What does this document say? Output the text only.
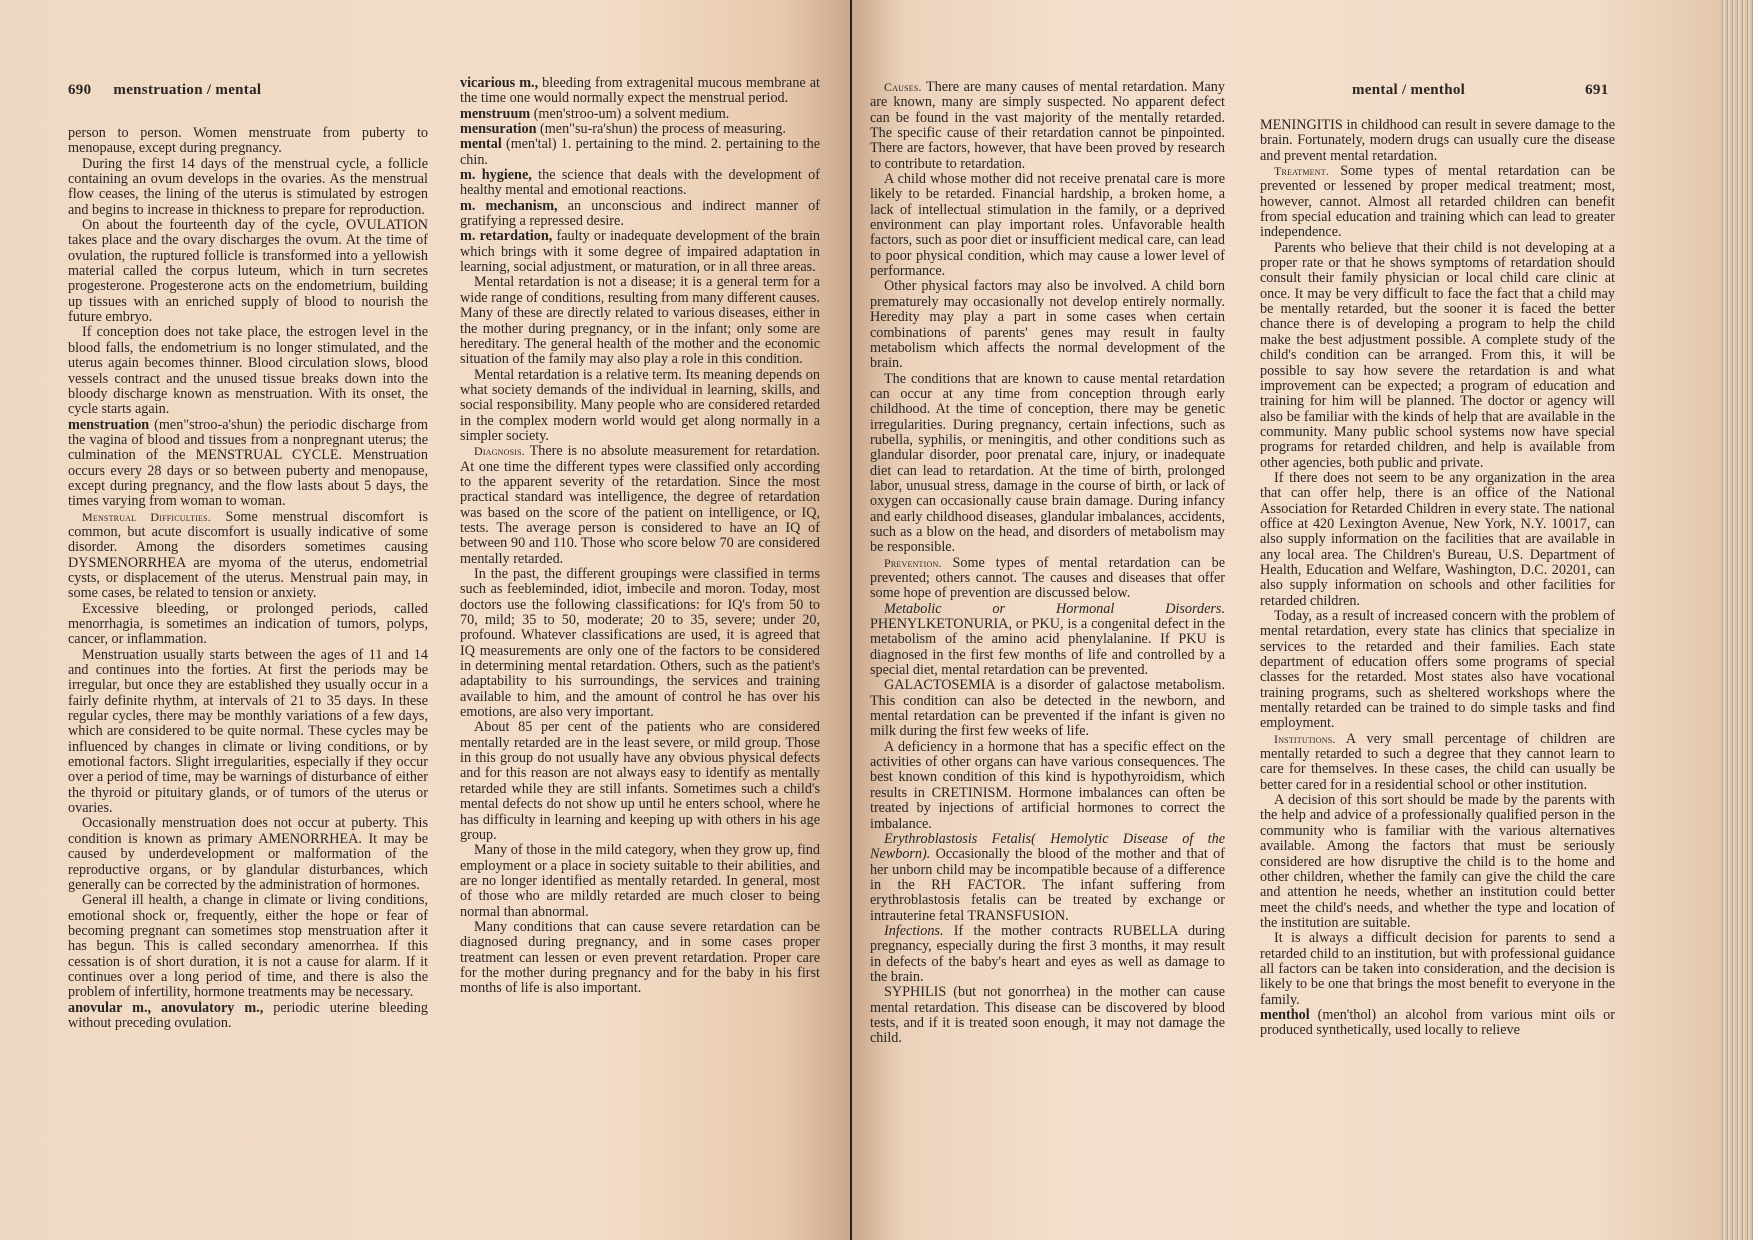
690 menstruation / mental

person to person. Women menstruate from puberty to menopause, except during pregnancy.

During the first 14 days of the menstrual cycle, a follicle containing an ovum develops in the ovaries. As the menstrual flow ceases, the lining of the uterus is stimulated by estrogen and begins to increase in thickness to prepare for reproduction.

On about the fourteenth day of the cycle, OVULATION takes place and the ovary discharges the ovum. At the time of ovulation, the ruptured follicle is transformed into a yellowish material called the corpus luteum, which in turn secretes progesterone. Progesterone acts on the endometrium, building up tissues with an enriched supply of blood to nourish the future embryo.

If conception does not take place, the estrogen level in the blood falls, the endometrium is no longer stimulated, and the uterus again becomes thinner. Blood circulation slows, blood vessels contract and the unused tissue breaks down into the bloody discharge known as menstruation. With its onset, the cycle starts again.

menstruation (men"stroo-a'shun) the periodic discharge from the vagina of blood and tissues from a nonpregnant uterus; the culmination of the MENSTRUAL CYCLE. Menstruation occurs every 28 days or so between puberty and menopause, except during pregnancy, and the flow lasts about 5 days, the times varying from woman to woman.

Menstrual Difficulties. Some menstrual discomfort is common, but acute discomfort is usually indicative of some disorder. Among the disorders sometimes causing DYSMENORRHEA are myoma of the uterus, endometrial cysts, or displacement of the uterus. Menstrual pain may, in some cases, be related to tension or anxiety.

Excessive bleeding, or prolonged periods, called menorrhagia, is sometimes an indication of tumors, polyps, cancer, or inflammation.

Menstruation usually starts between the ages of 11 and 14 and continues into the forties. At first the periods may be irregular, but once they are established they usually occur in a fairly definite rhythm, at intervals of 21 to 35 days. In these regular cycles, there may be monthly variations of a few days, which are considered to be quite normal. These cycles may be influenced by changes in climate or living conditions, or by emotional factors. Slight irregularities, especially if they occur over a period of time, may be warnings of disturbance of either the thyroid or pituitary glands, or of tumors of the uterus or ovaries.

Occasionally menstruation does not occur at puberty. This condition is known as primary AMENORRHEA. It may be caused by underdevelopment or malformation of the reproductive organs, or by glandular disturbances, which generally can be corrected by the administration of hormones.

General ill health, a change in climate or living conditions, emotional shock or, frequently, either the hope or fear of becoming pregnant can sometimes stop menstruation after it has begun. This is called secondary amenorrhea. If this cessation is of short duration, it is not a cause for alarm. If it continues over a long period of time, and there is also the problem of infertility, hormone treatments may be necessary.

anovular m., anovulatory m., periodic uterine bleeding without preceding ovulation.

vicarious m., bleeding from extragenital mucous membrane at the time one would normally expect the menstrual period.

menstruum (men'stroo-um) a solvent medium.

mensuration (men"su-ra'shun) the process of measuring.

mental (men'tal) 1. pertaining to the mind. 2. pertaining to the chin.

m. hygiene, the science that deals with the development of healthy mental and emotional reactions.

m. mechanism, an unconscious and indirect manner of gratifying a repressed desire.

m. retardation, faulty or inadequate development of the brain which brings with it some degree of impaired adaptation in learning, social adjustment, or maturation, or in all three areas.

Mental retardation is not a disease; it is a general term for a wide range of conditions, resulting from many different causes. Many of these are directly related to various diseases, either in the mother during pregnancy, or in the infant; only some are hereditary. The general health of the mother and the economic situation of the family may also play a role in this condition.

Mental retardation is a relative term. Its meaning depends on what society demands of the individual in learning, skills, and social responsibility. Many people who are considered retarded in the complex modern world would get along normally in a simpler society.

Diagnosis. There is no absolute measurement for retardation. At one time the different types were classified only according to the apparent severity of the retardation. Since the most practical standard was intelligence, the degree of retardation was based on the score of the patient on intelligence, or IQ, tests. The average person is considered to have an IQ of between 90 and 110. Those who score below 70 are considered mentally retarded.

In the past, the different groupings were classified in terms such as feebleminded, idiot, imbecile and moron. Today, most doctors use the following classifications: for IQ's from 50 to 70, mild; 35 to 50, moderate; 20 to 35, severe; under 20, profound. Whatever classifications are used, it is agreed that IQ measurements are only one of the factors to be considered in determining mental retardation. Others, such as the patient's adaptability to his surroundings, the services and training available to him, and the amount of control he has over his emotions, are also very important.

About 85 per cent of the patients who are considered mentally retarded are in the least severe, or mild group. Those in this group do not usually have any obvious physical defects and for this reason are not always easy to identify as mentally retarded while they are still infants. Sometimes such a child's mental defects do not show up until he enters school, where he has difficulty in learning and keeping up with others in his age group.

Many of those in the mild category, when they grow up, find employment or a place in society suitable to their abilities, and are no longer identified as mentally retarded. In general, most of those who are mildly retarded are much closer to being normal than abnormal.

Many conditions that can cause severe retardation can be diagnosed during pregnancy, and in some cases proper treatment can lessen or even prevent retardation. Proper care for the mother during pregnancy and for the baby in his first months of life is also important.

mental / menthol	691

Causes. There are many causes of mental retardation. Many are known, many are simply suspected. No apparent defect can be found in the vast majority of the mentally retarded. The specific cause of their retardation cannot be pinpointed. There are factors, however, that have been proved by research to contribute to retardation.

A child whose mother did not receive prenatal care is more likely to be retarded. Financial hardship, a broken home, a lack of intellectual stimulation in the family, or a deprived environment can play important roles. Unfavorable health factors, such as poor diet or insufficient medical care, can lead to poor physical condition, which may cause a lower level of performance.

Other physical factors may also be involved. A child born prematurely may occasionally not develop entirely normally. Heredity may play a part in some cases when certain combinations of parents' genes may result in faulty metabolism which affects the normal development of the brain.

The conditions that are known to cause mental retardation can occur at any time from conception through early childhood. At the time of conception, there may be genetic irregularities. During pregnancy, certain infections, such as rubella, syphilis, or meningitis, and other conditions such as glandular disorder, poor prenatal care, injury, or inadequate diet can lead to retardation. At the time of birth, prolonged labor, unusual stress, damage in the course of birth, or lack of oxygen can occasionally cause brain damage. During infancy and early childhood diseases, glandular imbalances, accidents, such as a blow on the head, and disorders of metabolism may be responsible.

Prevention. Some types of mental retardation can be prevented; others cannot. The causes and diseases that offer some hope of prevention are discussed below.

Metabolic or Hormonal Disorders. PHENYLKETONURIA, or PKU, is a congenital defect in the metabolism of the amino acid phenylalanine. If PKU is diagnosed in the first few months of life and controlled by a special diet, mental retardation can be prevented.

GALACTOSEMIA is a disorder of galactose metabolism. This condition can also be detected in the newborn, and mental retardation can be prevented if the infant is given no milk during the first few weeks of life.

A deficiency in a hormone that has a specific effect on the activities of other organs can have various consequences. The best known condition of this kind is hypothyroidism, which results in CRETINISM. Hormone imbalances can often be treated by injections of artificial hormones to correct the imbalance.

Erythroblastosis Fetalis( Hemolytic Disease of the Newborn). Occasionally the blood of the mother and that of her unborn child may be incompatible because of a difference in the RH FACTOR. The infant suffering from erythroblastosis fetalis can be treated by exchange or intrauterine fetal TRANSFUSION.

Infections. If the mother contracts RUBELLA during pregnancy, especially during the first 3 months, it may result in defects of the baby's heart and eyes as well as damage to the brain.

SYPHILIS (but not gonorrhea) in the mother can cause mental retardation. This disease can be discovered by blood tests, and if it is treated soon enough, it may not damage the child.

MENINGITIS in childhood can result in severe damage to the brain. Fortunately, modern drugs can usually cure the disease and prevent mental retardation.

Treatment. Some types of mental retardation can be prevented or lessened by proper medical treatment; most, however, cannot. Almost all retarded children can benefit from special education and training which can lead to greater independence.

Parents who believe that their child is not developing at a proper rate or that he shows symptoms of retardation should consult their family physician or local child care clinic at once. It may be very difficult to face the fact that a child may be mentally retarded, but the sooner it is faced the better chance there is of developing a program to help the child make the best adjustment possible. A complete study of the child's condition can be arranged. From this, it will be possible to say how severe the retardation is and what improvement can be expected; a program of education and training for him will be planned. The doctor or agency will also be familiar with the kinds of help that are available in the community. Many public school systems now have special programs for retarded children, and help is available from other agencies, both public and private.

If there does not seem to be any organization in the area that can offer help, there is an office of the National Association for Retarded Children in every state. The national office at 420 Lexington Avenue, New York, N.Y. 10017, can also supply information on the facilities that are available in any local area. The Children's Bureau, U.S. Department of Health, Education and Welfare, Washington, D.C. 20201, can also supply information on schools and other facilities for retarded children.

Today, as a result of increased concern with the problem of mental retardation, every state has clinics that specialize in services to the retarded and their families. Each state department of education offers some programs of special classes for the retarded. Most states also have vocational training programs, such as sheltered workshops where the mentally retarded can be trained to do simple tasks and find employment.

Institutions. A very small percentage of children are mentally retarded to such a degree that they cannot learn to care for themselves. In these cases, the child can usually be better cared for in a residential school or other institution.

A decision of this sort should be made by the parents with the help and advice of a professionally qualified person in the community who is familiar with the various alternatives available. Among the factors that must be seriously considered are how disruptive the child is to the home and other children, whether the family can give the child the care and attention he needs, whether an institution could better meet the child's needs, and whether the type and location of the institution are suitable.

It is always a difficult decision for parents to send a retarded child to an institution, but with professional guidance all factors can be taken into consideration, and the decision is likely to be one that brings the most benefit to everyone in the family.

menthol (men'thol) an alcohol from various mint oils or produced synthetically, used locally to relieve
